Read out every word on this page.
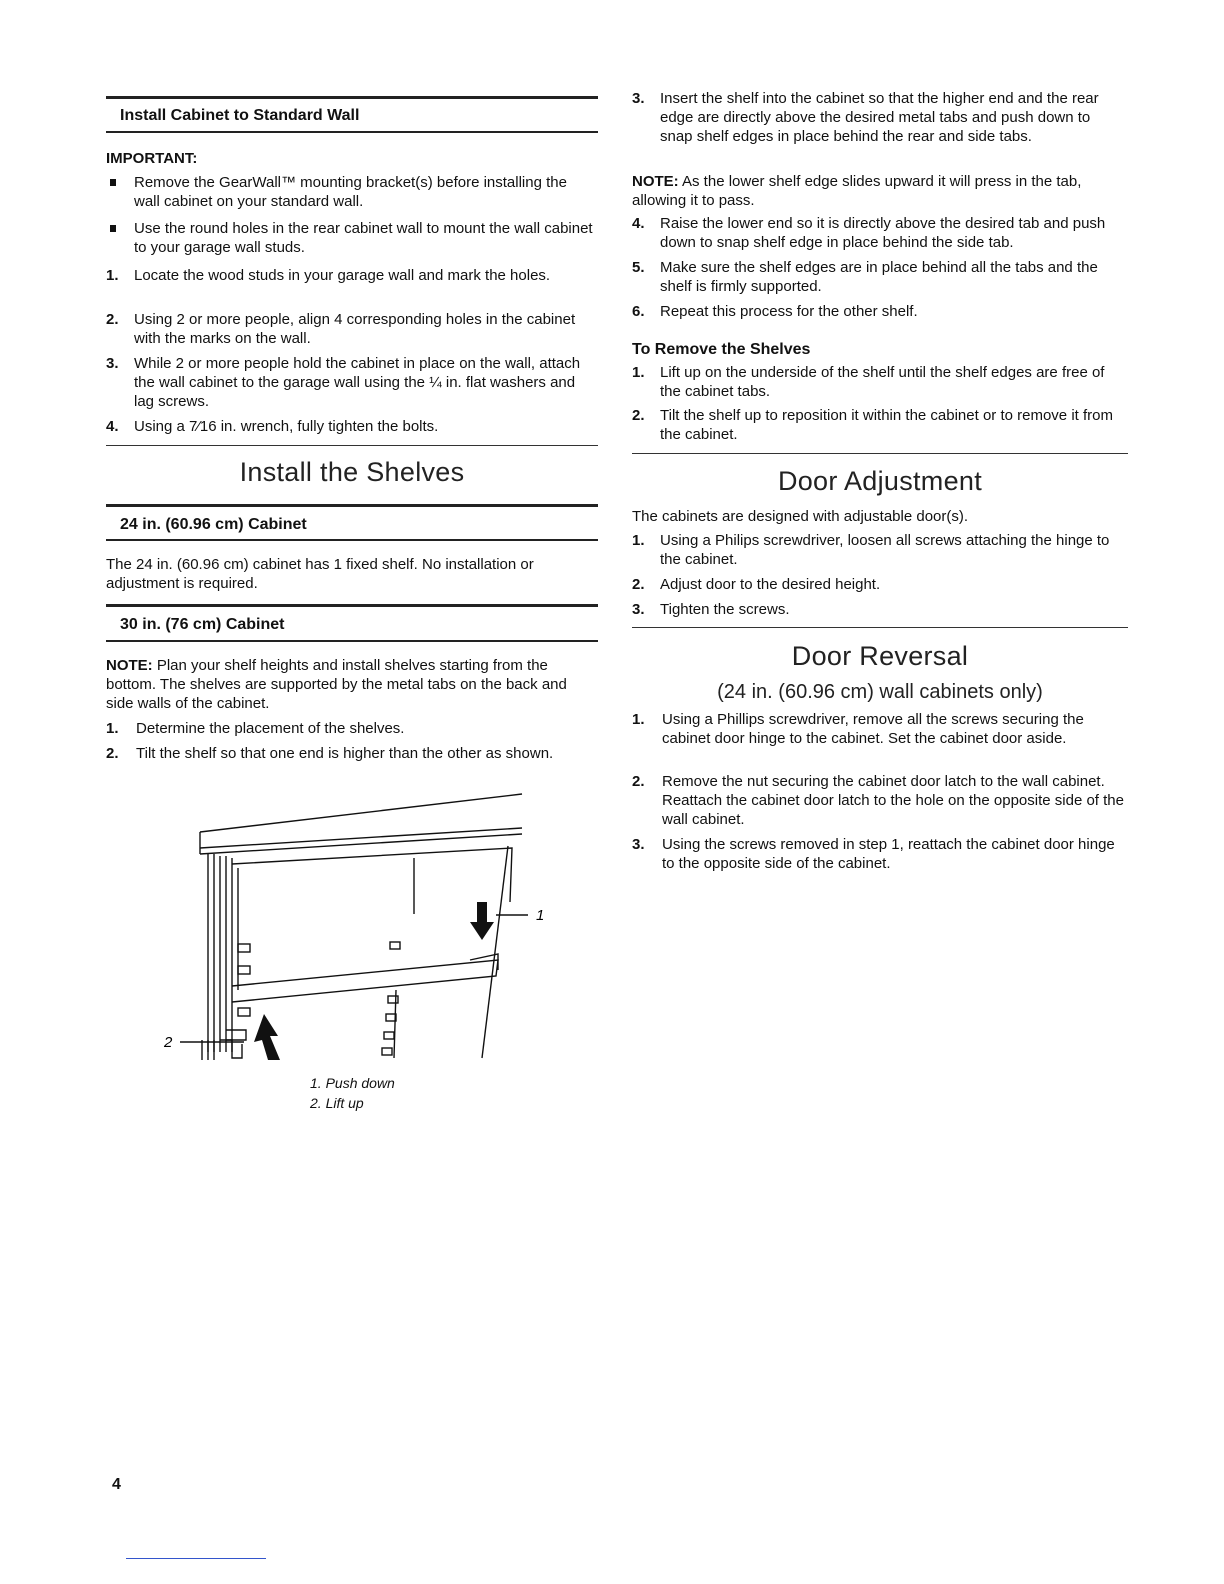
Install Cabinet to Standard Wall
IMPORTANT:
Remove the GearWall™ mounting bracket(s) before installing the wall cabinet on your standard wall.
Use the round holes in the rear cabinet wall to mount the wall cabinet to your garage wall studs.
1. Locate the wood studs in your garage wall and mark the holes.
2. Using 2 or more people, align 4 corresponding holes in the cabinet with the marks on the wall.
3. While 2 or more people hold the cabinet in place on the wall, attach the wall cabinet to the garage wall using the ¼ in. flat washers and lag screws.
4. Using a 7⁄16 in. wrench, fully tighten the bolts.
Install the Shelves
24 in. (60.96 cm) Cabinet
The 24 in. (60.96 cm) cabinet has 1 fixed shelf. No installation or adjustment is required.
30 in. (76 cm) Cabinet
NOTE: Plan your shelf heights and install shelves starting from the bottom. The shelves are supported by the metal tabs on the back and side walls of the cabinet.
1. Determine the placement of the shelves.
2. Tilt the shelf so that one end is higher than the other as shown.
1
2
1. Push down
2. Lift up
3. Insert the shelf into the cabinet so that the higher end and the rear edge are directly above the desired metal tabs and push down to snap shelf edges in place behind the rear and side tabs.
NOTE: As the lower shelf edge slides upward it will press in the tab, allowing it to pass.
4. Raise the lower end so it is directly above the desired tab and push down to snap shelf edge in place behind the side tab.
5. Make sure the shelf edges are in place behind all the tabs and the shelf is firmly supported.
6. Repeat this process for the other shelf.
To Remove the Shelves
1. Lift up on the underside of the shelf until the shelf edges are free of the cabinet tabs.
2. Tilt the shelf up to reposition it within the cabinet or to remove it from the cabinet.
Door Adjustment
The cabinets are designed with adjustable door(s).
1. Using a Philips screwdriver, loosen all screws attaching the hinge to the cabinet.
2. Adjust door to the desired height.
3. Tighten the screws.
Door Reversal
(24 in. (60.96 cm) wall cabinets only)
1. Using a Phillips screwdriver, remove all the screws securing the cabinet door hinge to the cabinet. Set the cabinet door aside.
2. Remove the nut securing the cabinet door latch to the wall cabinet. Reattach the cabinet door latch to the hole on the opposite side of the wall cabinet.
3. Using the screws removed in step 1, reattach the cabinet door hinge to the opposite side of the cabinet.
4
